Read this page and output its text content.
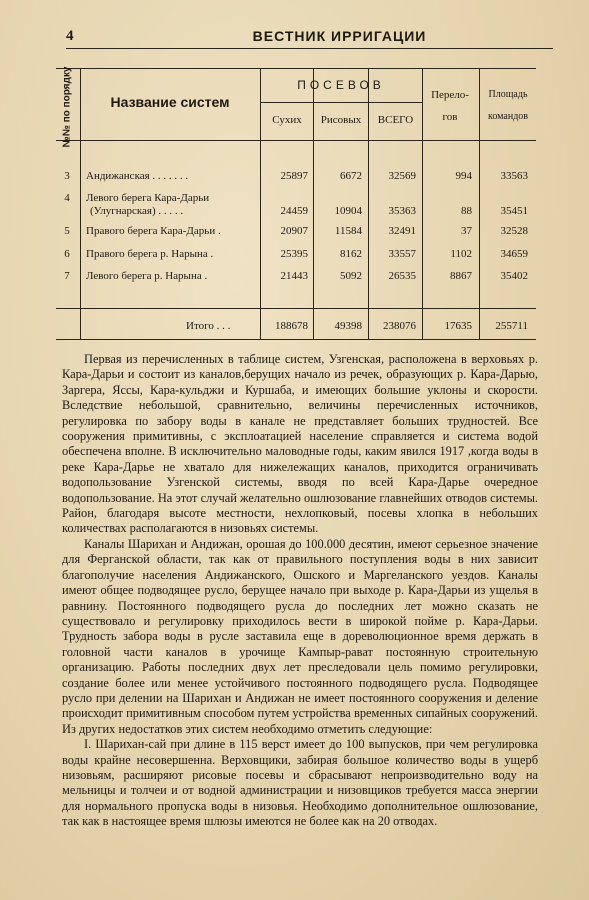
4	ВЕСТНИК ИРРИГАЦИИ
№№ по порядку	Название систем
ПОСЕВОВ
Сухих	Рисовых	ВСЕГО
Перело-
гов
Площадь
командов
3	Андижанская . . . . . . .	25897	6672	32569	994	33563
4	Левого берега Кара-Дарьи
(Улугнарская) . . . . .	24459	10904	35363	88	35451
5	Правого берега Кара-Дарьи .	20907	11584	32491	37	32528
6	Правого берега р. Нарына .	25395	8162	33557	1102	34659
7	Левого берега р. Нарына .	21443	5092	26535	8867	35402
Итого . . .	188678	49398	238076	17635	255711

Первая из перечисленных в таблице систем, Узгенская, расположена в верховьях р. Кара-Дарьи и состоит из каналов,берущих начало из речек, образующих р. Кара-Дарью, Заргера, Яссы, Кара-кульджи и Куршаба, и имеющих большие уклоны и скорости. Вследствие небольшой, сравнительно, величины перечисленных источников, регулировка по забору воды в канале не представляет больших трудностей. Все сооружения примитивны, с эксплоатацией население справляется и система водой обеспечена вполне. В исключительно маловодные годы, каким явился 1917 ,когда воды в реке Кара-Дарье не хватало для нижележащих каналов, приходится ограничивать водопользование Узгенской системы, вводя по всей Кара-Дарье очередное водопользование. На этот случай желательно ошлюзование главнейших отводов системы. Район, благодаря высоте местности, нехлопковый, посевы хлопка в небольших количествах располагаются в низовьях системы.

Каналы Шарихан и Андижан, орошая до 100.000 десятин, имеют серьезное значение для Ферганской области, так как от правильного поступления воды в них зависит благополучие населения Андижанского, Ошского и Маргеланского уездов. Каналы имеют общее подводящее русло, берущее начало при выходе р. Кара-Дарьи из ущелья в равнину. Постоянного подводящего русла до последних лет можно сказать не существовало и регулировку приходилось вести в широкой пойме р. Кара-Дарьи. Трудность забора воды в русле заставила еще в дореволюционное время держать в головной части каналов в урочище Кампыр-рават постоянную строительную организацию. Работы последних двух лет преследовали цель помимо регулировки, создание более или менее устойчивого постоянного подводящего русла. Подводящее русло при делении на Шарихан и Андижан не имеет постоянного сооружения и деление происходит примитивным способом путем устройства временных сипайных сооружений. Из других недостатков этих систем необходимо отметить следующие:

I. Шарихан-сай при длине в 115 верст имеет до 100 выпусков, при чем регулировка воды крайне несовершенна. Верховщики, забирая большое количество воды в ущерб низовьям, расширяют рисовые посевы и сбрасывают непроизводительно воду на мельницы и толчеи и от водной администрации и низовщиков требуется масса энергии для нормального пропуска воды в низовья. Необходимо дополнительное ошлюзование, так как в настоящее время шлюзы имеются не более как на 20 отводах.
